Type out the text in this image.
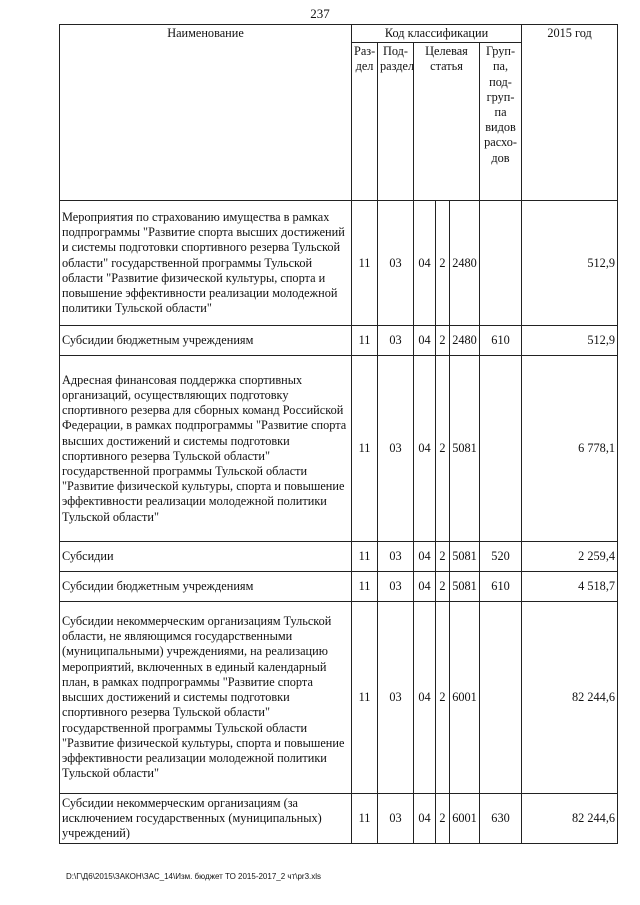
237
Наименование	Код классификации						2015 год
	Раз- дел	Под- раздел	Целевая статья			Груп- па, под- груп- па видов расхо- дов	
Мероприятия по страхованию имущества в рамках подпрограммы "Развитие спорта высших достижений и системы подготовки спортивного резерва Тульской области" государственной программы Тульской области "Развитие физической культуры, спорта и повышение эффективности реализации молодежной политики Тульской области"	11	03	04	2	2480		512,9
Субсидии бюджетным учреждениям	11	03	04	2	2480	610	512,9
Адресная финансовая поддержка спортивных организаций, осуществляющих подготовку спортивного резерва для сборных команд Российской Федерации, в рамках подпрограммы "Развитие спорта высших достижений и системы подготовки спортивного резерва Тульской области" государственной программы Тульской области "Развитие физической культуры, спорта и повышение эффективности реализации молодежной политики Тульской области"	11	03	04	2	5081		6 778,1
Субсидии	11	03	04	2	5081	520	2 259,4
Субсидии бюджетным учреждениям	11	03	04	2	5081	610	4 518,7
Субсидии некоммерческим организациям Тульской области, не являющимся государственными (муниципальными) учреждениями, на реализацию мероприятий, включенных в единый календарный план, в рамках подпрограммы "Развитие спорта высших достижений и системы подготовки спортивного резерва Тульской области" государственной программы Тульской области "Развитие физической культуры, спорта и повышение эффективности реализации молодежной политики Тульской области"	11	03	04	2	6001		82 244,6
Субсидии некоммерческим организациям (за исключением государственных (муниципальных) учреждений)	11	03	04	2	6001	630	82 244,6
D:\Г\Д6\2015\ЗАКОН\ЗАС_14\Изм. бюджет ТО 2015-2017_2 чт\pr3.xls
